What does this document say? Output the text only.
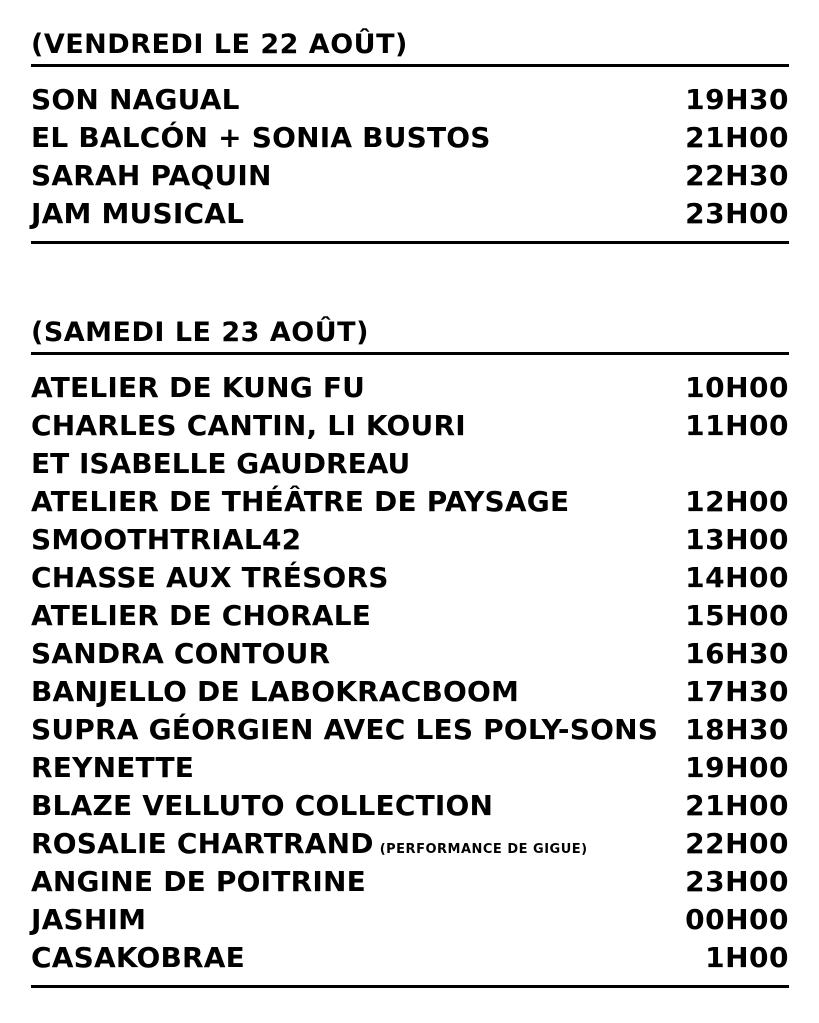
(VENDREDI LE 22 AOÛT)
SON NAGUAL	19H30
EL BALCÓN + SONIA BUSTOS	21H00
SARAH PAQUIN	22H30
JAM MUSICAL	23H00
(SAMEDI LE 23 AOÛT)
ATELIER DE KUNG FU	10H00
CHARLES CANTIN, LI KOURI	11H00
ET ISABELLE GAUDREAU
ATELIER DE THÉÂTRE DE PAYSAGE	12H00
SMOOTHTRIAL42	13H00
CHASSE AUX TRÉSORS	14H00
ATELIER DE CHORALE	15H00
SANDRA CONTOUR	16H30
BANJELLO DE LABOKRACBOOM	17H30
SUPRA GÉORGIEN AVEC LES POLY-SONS 18H30
REYNETTE	19H00
BLAZE VELLUTO COLLECTION	21H00
ROSALIE CHARTRAND (PERFORMANCE DE GIGUE)	22H00
ANGINE DE POITRINE	23H00
JASHIM	00H00
CASAKOBRAE	1H00
